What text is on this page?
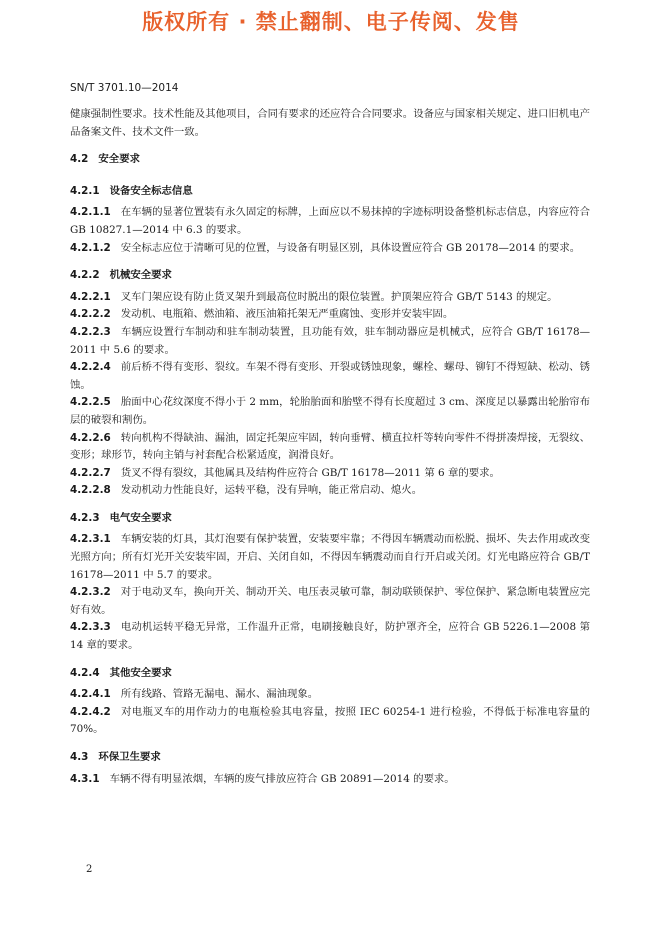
版权所有 · 禁止翻制、电子传阅、发售
SN/T 3701.10—2014

健康强制性要求。技术性能及其他项目，合同有要求的还应符合合同要求。设备应与国家相关规定、进口旧机电产品备案文件、技术文件一致。

4.2 安全要求

4.2.1 设备安全标志信息

4.2.1.1 在车辆的显著位置装有永久固定的标牌，上面应以不易抹掉的字迹标明设备整机标志信息，内容应符合 GB 10827.1—2014 中 6.3 的要求。

4.2.1.2 安全标志应位于清晰可见的位置，与设备有明显区别，具体设置应符合 GB 20178—2014 的要求。

4.2.2 机械安全要求

4.2.2.1 叉车门架应设有防止货叉架升到最高位时脱出的限位装置。护顶架应符合 GB/T 5143 的规定。

4.2.2.2 发动机、电瓶箱、燃油箱、液压油箱托架无严重腐蚀、变形并安装牢固。

4.2.2.3 车辆应设置行车制动和驻车制动装置，且功能有效，驻车制动器应是机械式，应符合 GB/T 16178—2011 中 5.6 的要求。

4.2.2.4 前后桥不得有变形、裂纹。车架不得有变形、开裂或锈蚀现象，螺栓、螺母、铆钉不得短缺、松动、锈蚀。

4.2.2.5 胎面中心花纹深度不得小于 2 mm，轮胎胎面和胎壁不得有长度超过 3 cm、深度足以暴露出轮胎帘布层的破裂和割伤。

4.2.2.6 转向机构不得缺油、漏油，固定托架应牢固，转向垂臂、横直拉杆等转向零件不得拼凑焊接，无裂纹、变形；球形节，转向主销与衬套配合松紧适度，润滑良好。

4.2.2.7 货叉不得有裂纹，其他属具及结构件应符合 GB/T 16178—2011 第 6 章的要求。

4.2.2.8 发动机动力性能良好，运转平稳，没有异响，能正常启动、熄火。

4.2.3 电气安全要求

4.2.3.1 车辆安装的灯具，其灯泡要有保护装置，安装要牢靠；不得因车辆震动而松脱、损坏、失去作用或改变光照方向；所有灯光开关安装牢固，开启、关闭自如，不得因车辆震动而自行开启或关闭。灯光电路应符合 GB/T 16178—2011 中 5.7 的要求。

4.2.3.2 对于电动叉车，换向开关、制动开关、电压表灵敏可靠，制动联锁保护、零位保护、紧急断电装置应完好有效。

4.2.3.3 电动机运转平稳无异常，工作温升正常，电刷接触良好，防护罩齐全，应符合 GB 5226.1—2008 第 14 章的要求。

4.2.4 其他安全要求

4.2.4.1 所有线路、管路无漏电、漏水、漏油现象。

4.2.4.2 对电瓶叉车的用作动力的电瓶检验其电容量，按照 IEC 60254-1 进行检验，不得低于标准电容量的 70%。

4.3 环保卫生要求

4.3.1 车辆不得有明显浓烟，车辆的废气排放应符合 GB 20891—2014 的要求。

2
